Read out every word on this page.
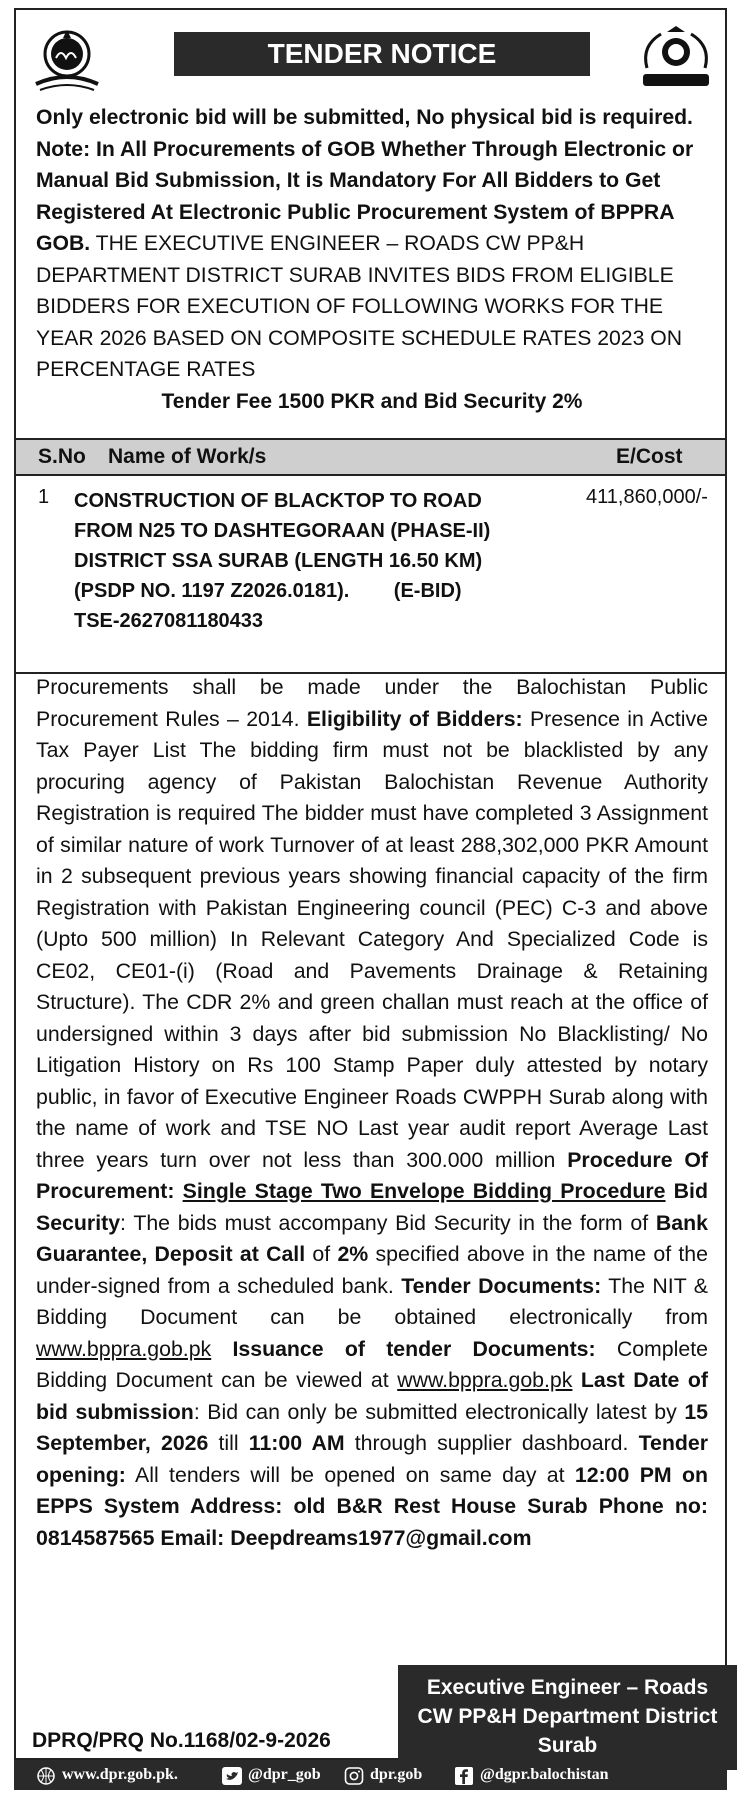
TENDER NOTICE
Only electronic bid will be submitted, No physical bid is required. Note: In All Procurements of GOB Whether Through Electronic or Manual Bid Submission, It is Mandatory For All Bidders to Get Registered At Electronic Public Procurement System of BPPRA GOB. THE EXECUTIVE ENGINEER – ROADS CW PP&H DEPARTMENT DISTRICT SURAB INVITES BIDS FROM ELIGIBLE BIDDERS FOR EXECUTION OF FOLLOWING WORKS FOR THE YEAR 2026 BASED ON COMPOSITE SCHEDULE RATES 2023 ON PERCENTAGE RATES
Tender Fee 1500 PKR and Bid Security 2%
S.No Name of Work/s	E/Cost
1 CONSTRUCTION OF BLACKTOP TO ROAD
FROM N25 TO DASHTEGORAAN (PHASE-II)
DISTRICT SSA SURAB (LENGTH 16.50 KM)
(PSDP NO. 1197 Z2026.0181).        (E-BID)
TSE-2627081180433
411,860,000/-
Procurements shall be made under the Balochistan Public Procurement Rules – 2014. Eligibility of Bidders: Presence in Active Tax Payer List The bidding firm must not be blacklisted by any procuring agency of Pakistan Balochistan Revenue Authority Registration is required The bidder must have completed 3 Assignment of similar nature of work Turnover of at least 288,302,000 PKR Amount in 2 subsequent previous years showing financial capacity of the firm Registration with Pakistan Engineering council (PEC) C-3 and above (Upto 500 million) In Relevant Category And Specialized Code is CE02, CE01-(i) (Road and Pavements Drainage & Retaining Structure). The CDR 2% and green challan must reach at the office of undersigned within 3 days after bid submission No Blacklisting/ No Litigation History on Rs 100 Stamp Paper duly attested by notary public, in favor of Executive Engineer Roads CWPPH Surab along with the name of work and TSE NO Last year audit report Average Last three years turn over not less than 300.000 million Procedure Of Procurement: Single Stage Two Envelope Bidding Procedure Bid Security: The bids must accompany Bid Security in the form of Bank Guarantee, Deposit at Call of 2% specified above in the name of the under-signed from a scheduled bank. Tender Documents: The NIT & Bidding Document can be obtained electronically from www.bppra.gob.pk Issuance of tender Documents: Complete Bidding Document can be viewed at www.bppra.gob.pk Last Date of bid submission: Bid can only be submitted electronically latest by 15 September, 2026 till 11:00 AM through supplier dashboard. Tender opening: All tenders will be opened on same day at 12:00 PM on EPPS System Address: old B&R Rest House Surab Phone no: 0814587565 Email: Deepdreams1977@gmail.com
Executive Engineer – Roads
CW PP&H Department District
Surab
DPRQ/PRQ No.1168/02-9-2026
www.dpr.gob.pk.	@dpr_gob	dpr.gob	@dgpr.balochistan
